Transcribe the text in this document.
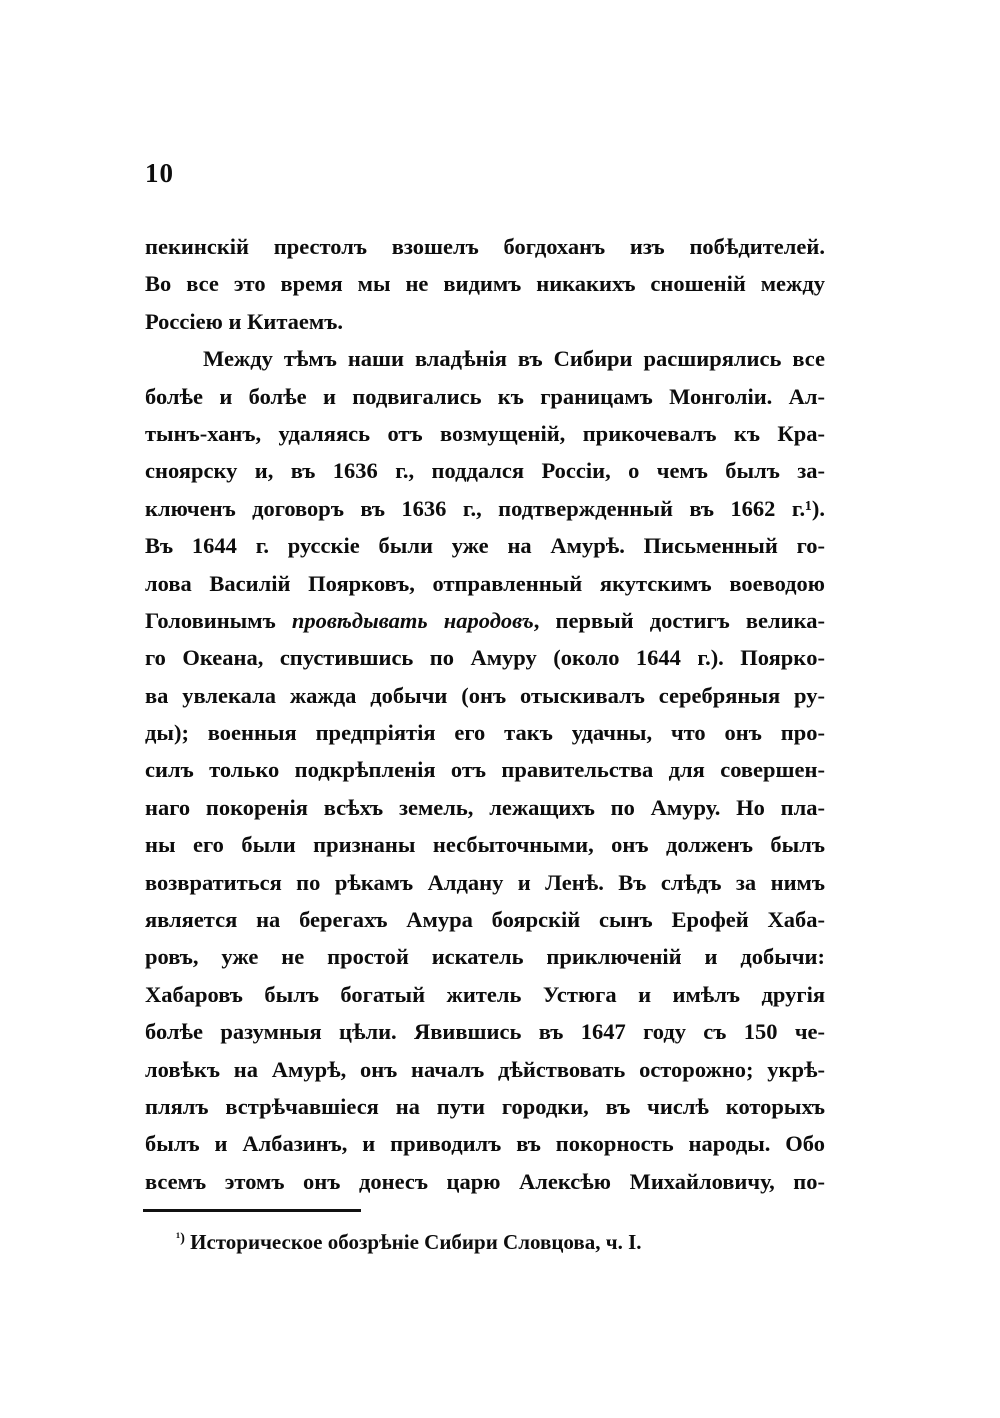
10
пекинскій престолъ взошелъ богдоханъ изъ побѣдителей.
Во все это время мы не видимъ никакихъ сношеній между
Россіею и Китаемъ.
Между тѣмъ наши владѣнія въ Сибири расширялись все
болѣе и болѣе и подвигались къ границамъ Монголіи. Ал-
тынъ-ханъ, удаляясь отъ возмущеній, прикочевалъ къ Кра-
сноярску и, въ 1636 г., поддался Россіи, о чемъ былъ за-
ключенъ договоръ въ 1636 г., подтвержденный въ 1662 г.¹).
Въ 1644 г. русскіе были уже на Амурѣ. Письменный го-
лова Василій Поярковъ, отправленный якутскимъ воеводою
Головинымъ провѣдывать народовъ, первый достигъ велика-
го Океана, спустившись по Амуру (около 1644 г.). Пояркo-
ва увлекала жажда добычи (онъ отыскивалъ серебряныя ру-
ды); военныя предпріятія его такъ удачны, что онъ про-
силъ только подкрѣпленія отъ правительства для совершен-
наго покоренія всѣхъ земель, лежащихъ по Амуру. Но пла-
ны его были признаны несбыточными, онъ долженъ былъ
возвратиться по рѣкамъ Алдану и Ленѣ. Въ слѣдъ за нимъ
является на берегахъ Амура боярскій сынъ Ерофей Хаба-
ровъ, уже не простой искатель приключеній и добычи:
Хабаровъ былъ богатый житель Устюга и имѣлъ другія
болѣе разумныя цѣли. Явившись въ 1647 году съ 150 че-
ловѣкъ на Амурѣ, онъ началъ дѣйствовать осторожно; укрѣ-
плялъ встрѣчавшіеся на пути городки, въ числѣ которыхъ
былъ и Албазинъ, и приводилъ въ покорность народы. Обо
всемъ этомъ онъ донесъ царю Алексѣю Михайловичу, по-
$^{^1)}$ Историческое обозрѣніе Сибири Словцова, ч. I.
